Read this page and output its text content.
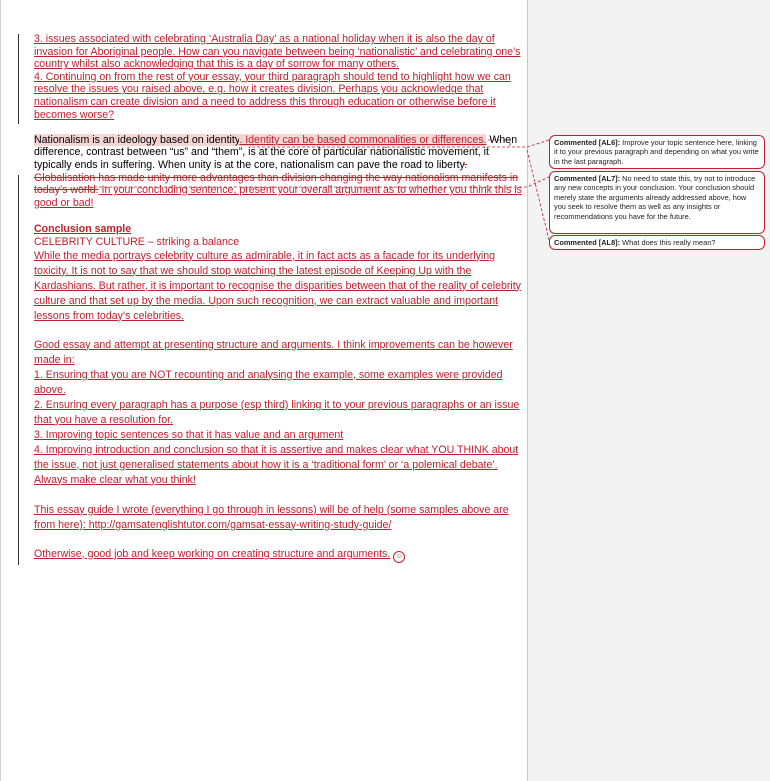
3. issues associated with celebrating ‘Australia Day’ as a national holiday when it is also the day of invasion for Aboriginal people. How can you navigate between being ‘nationalistic’ and celebrating one’s country whilst also acknowledging that this is a day of sorrow for many others.

4. Continuing on from the rest of your essay, your third paragraph should tend to highlight how we can resolve the issues you raised above, e.g. how it creates division. Perhaps you acknowledge that nationalism can create division and a need to address this through education or otherwise before it becomes worse?

Nationalism is an ideology based on identity. Identity can be based commonalities or differences. When difference, contrast between “us” and “them”, is at the core of particular nationalistic movement, it typically ends in suffering. When unity is at the core, nationalism can pave the road to liberty. Globalisation has made unity more advantages than division changing the way nationalism manifests in today’s world. In your concluding sentence, present your overall argument as to whether you think this is good or bad!

Conclusion sample

CELEBRITY CULTURE – striking a balance

While the media portrays celebrity culture as admirable, it in fact acts as a facade for its underlying toxicity. It is not to say that we should stop watching the latest episode of Keeping Up with the Kardashians. But rather, it is important to recognise the disparities between that of the reality of celebrity culture and that set up by the media. Upon such recognition, we can extract valuable and important lessons from today’s celebrities.

Good essay and attempt at presenting structure and arguments. I think improvements can be however made in:

1. Ensuring that you are NOT recounting and analysing the example, some examples were provided above.

2. Ensuring every paragraph has a purpose (esp third) linking it to your previous paragraphs or an issue that you have a resolution for.

3. Improving topic sentences so that it has value and an argument

4. Improving introduction and conclusion so that it is assertive and makes clear what YOU THINK about the issue, not just generalised statements about how it is a ‘traditional form’ or ‘a polemical debate’. Always make clear what you think!

This essay guide I wrote (everything I go through in lessons) will be of help (some samples above are from here): http://gamsatenglishtutor.com/gamsat-essay-writing-study-guide/

Otherwise, good job and keep working on creating structure and arguments. ☺

Commented [AL6]: Improve your topic sentence here, linking it to your previous paragraph and depending on what you write in the last paragraph.
Commented [AL7]: No need to state this, try not to introduce any new concepts in your conclusion. Your conclusion should merely state the arguments already addressed above, how you seek to resolve them as well as any insights or recommendations you have for the future.
Commented [AL8]: What does this really mean?
